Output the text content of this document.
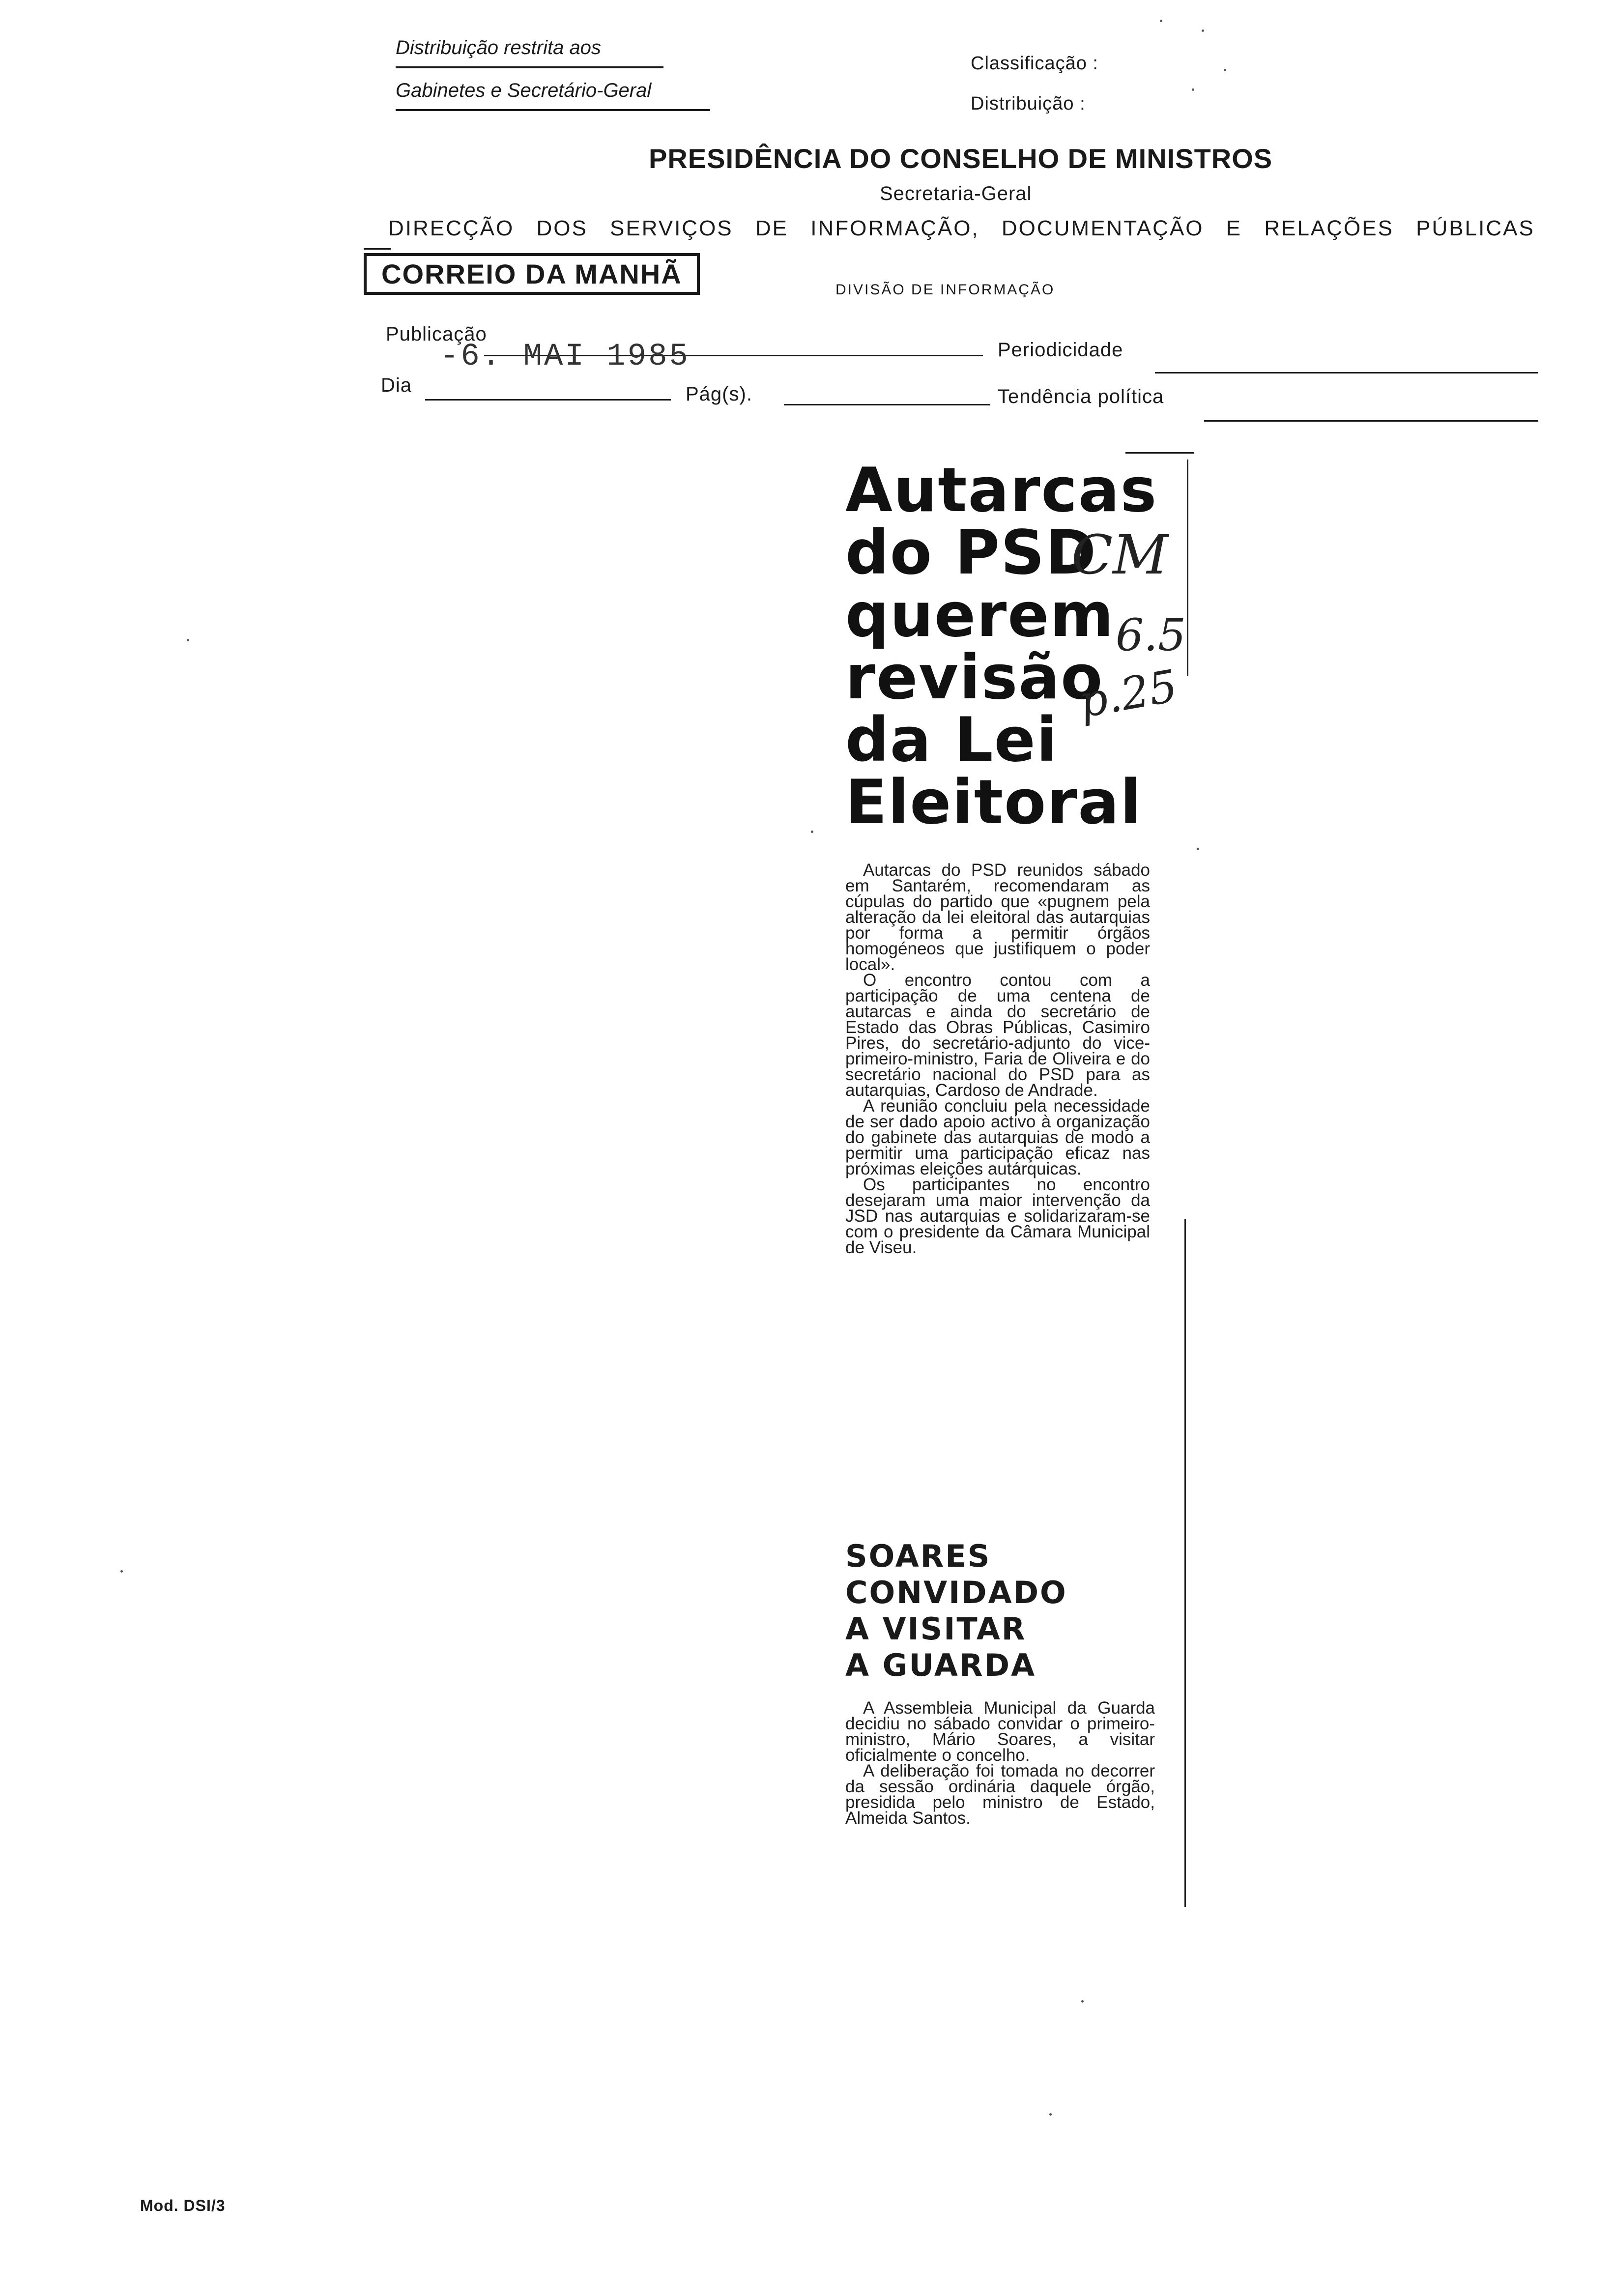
Distribuição restrita aos
Gabinetes e Secretário-Geral
Classificação :
Distribuição :
PRESIDÊNCIA DO CONSELHO DE MINISTROS
Secretaria-Geral
DIRECÇÃO DOS SERVIÇOS DE INFORMAÇÃO, DOCUMENTAÇÃO E RELAÇÕES PÚBLICAS
CORREIO DA MANHÃ
DIVISÃO DE INFORMAÇÃO
Publicação
-6. MAI 1985	Periodicidade
Dia	Pág(s).	Tendência política
Autarcas
do PSD
querem
revisão
da Lei
Eleitoral
CM
6.5
p.25

Autarcas do PSD reunidos sábado em Santarém, recomendaram as cúpulas do partido que «pugnem pela alteração da lei eleitoral das autarquias por forma a permitir órgãos homogéneos que justifiquem o poder local».

O encontro contou com a participação de uma centena de autarcas e ainda do secretário de Estado das Obras Públicas, Casimiro Pires, do secretário-adjunto do vice-primeiro-ministro, Faria de Oliveira e do secretário nacional do PSD para as autarquias, Cardoso de Andrade.

A reunião concluiu pela necessidade de ser dado apoio activo à organização do gabinete das autarquias de modo a permitir uma participação eficaz nas próximas eleições autárquicas.

Os participantes no encontro desejaram uma maior intervenção da JSD nas autarquias e solidarizaram-se com o presidente da Câmara Municipal de Viseu.

SOARES
CONVIDADO
A VISITAR
A GUARDA

A Assembleia Municipal da Guarda decidiu no sábado convidar o primeiro-ministro, Mário Soares, a visitar oficialmente o concelho.

A deliberação foi tomada no decorrer da sessão ordinária daquele órgão, presidida pelo ministro de Estado, Almeida Santos.

Mod. DSI/3
